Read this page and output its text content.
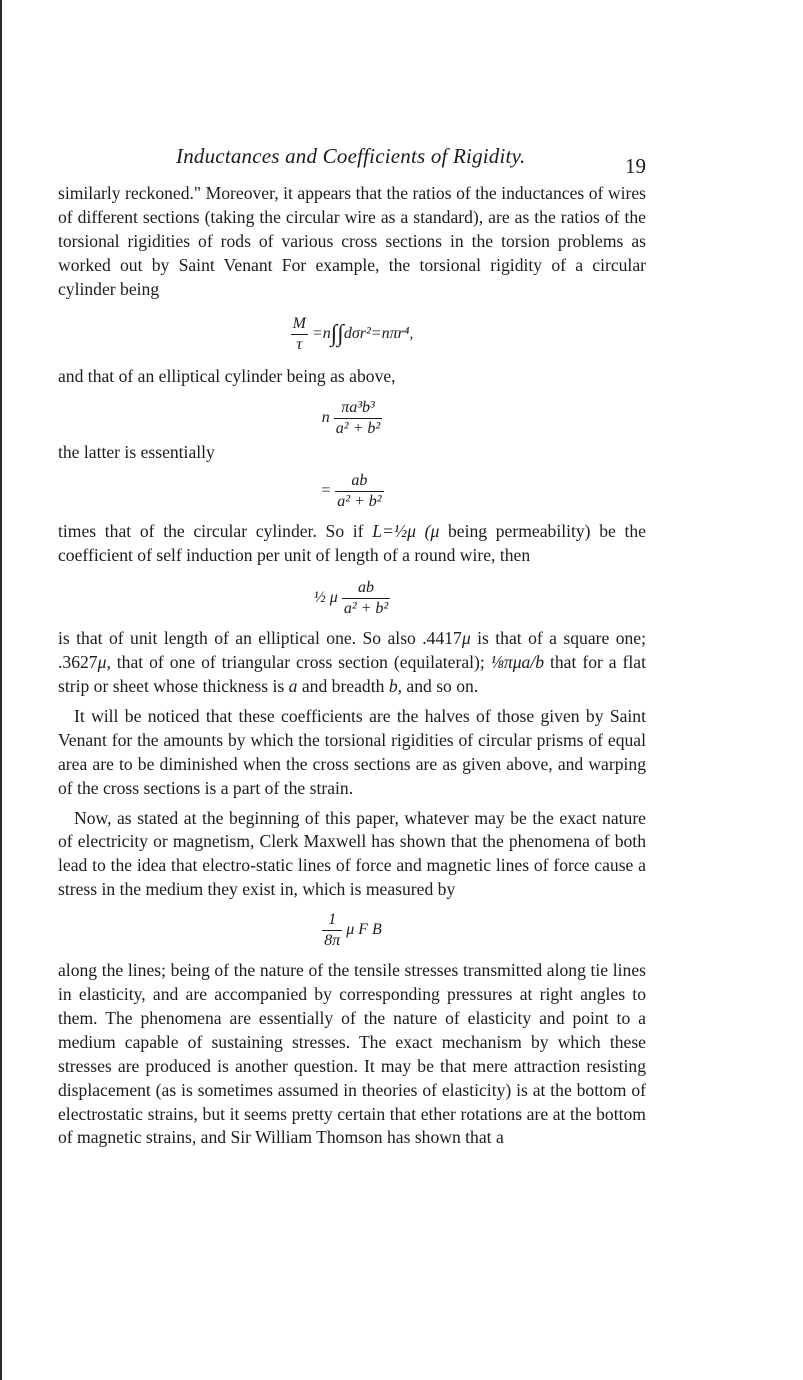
Inductances and Coefficients of Rigidity.	19

similarly reckoned." Moreover, it appears that the ratios of the inductances of wires of different sections (taking the circular wire as a standard), are as the ratios of the torsional rigidities of rods of various cross sections in the torsion problems as worked out by Saint Venant For example, the torsional rigidity of a circular cylinder being

$\frac{M}{\tau} =n\int\int d\sigma r^2=n\pi r^4$,

and that of an elliptical cylinder being as above,

n $\frac{\text{πa³b³}}{\text{a² + b²}}$

the latter is essentially

= $\frac{ab}{\text{a² + b²}}$

times that of the circular cylinder. So if L=½μ (μ being permeability) be the coefficient of self induction per unit of length of a round wire, then

½ μ $\frac{ab}{\text{a² + b²}}$

is that of unit length of an elliptical one. So also .4417μ is that of a square one; .3627μ, that of one of triangular cross section (equilateral); ⅛πμa/b that for a flat strip or sheet whose thickness is a and breadth b, and so on.

It will be noticed that these coefficients are the halves of those given by Saint Venant for the amounts by which the torsional rigidities of circular prisms of equal area are to be diminished when the cross sections are as given above, and warping of the cross sections is a part of the strain.

Now, as stated at the beginning of this paper, whatever may be the exact nature of electricity or magnetism, Clerk Maxwell has shown that the phenomena of both lead to the idea that electro-static lines of force and magnetic lines of force cause a stress in the medium they exist in, which is measured by

$\frac{1}{8\pi}$ μ F B

along the lines; being of the nature of the tensile stresses transmitted along tie lines in elasticity, and are accompanied by corresponding pressures at right angles to them. The phenomena are essentially of the nature of elasticity and point to a medium capable of sustaining stresses. The exact mechanism by which these stresses are produced is another question. It may be that mere attraction resisting displacement (as is sometimes assumed in theories of elasticity) is at the bottom of electrostatic strains, but it seems pretty certain that ether rotations are at the bottom of magnetic strains, and Sir William Thomson has shown that a
